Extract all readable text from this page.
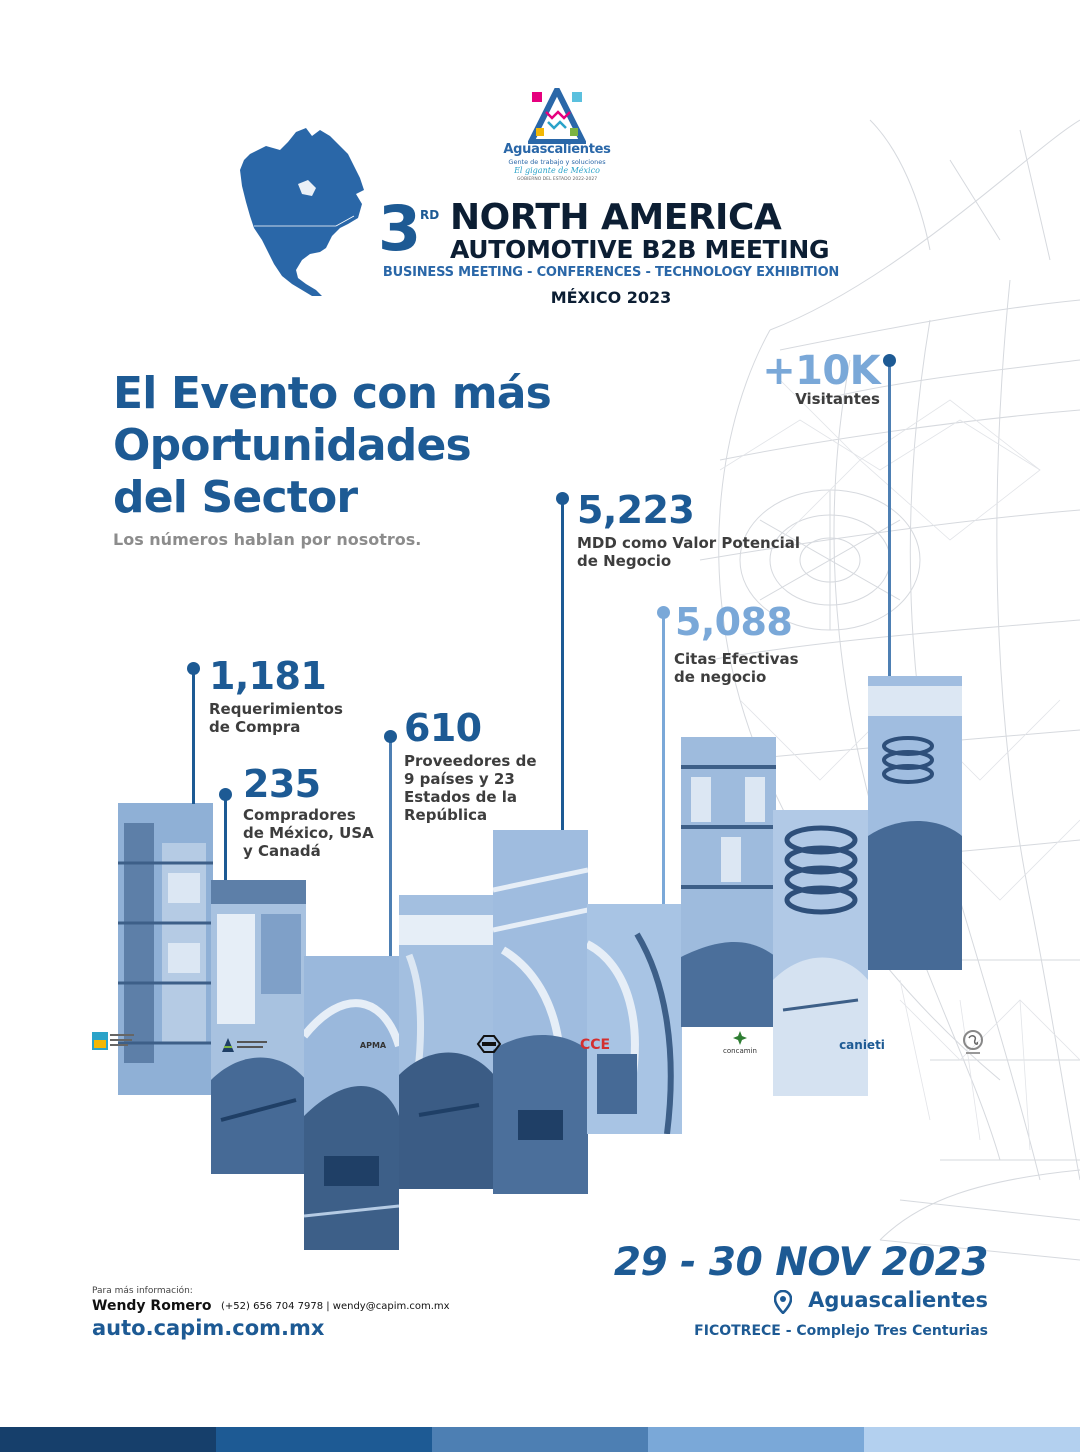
Aguascalientes
Gente de trabajo y soluciones
El gigante de México
GOBIERNO DEL ESTADO 2022-2027
3
RD NORTH AMERICA
AUTOMOTIVE B2B MEETING
BUSINESS MEETING - CONFERENCES - TECHNOLOGY EXHIBITION
MÉXICO 2023
El Evento con más
Oportunidades
del Sector
Los números hablan por nosotros.
+10K
Visitantes
5,223
MDD como Valor Potencial
de Negocio
5,088
Citas Efectivas
de negocio
1,181
Requerimientos
de Compra	610
Proveedores de
9 países y 23
Estados de la
República
235
Compradores
de México, USA
y Canadá
29 - 30 NOV 2023
Aguascalientes
FICOTRECE - Complejo Tres Centurias
Para más información:
Wendy Romero (+52) 656 704 7978 | wendy@capim.com.mx
auto.capim.com.mx
APMA	CCE	concamin	canieti
